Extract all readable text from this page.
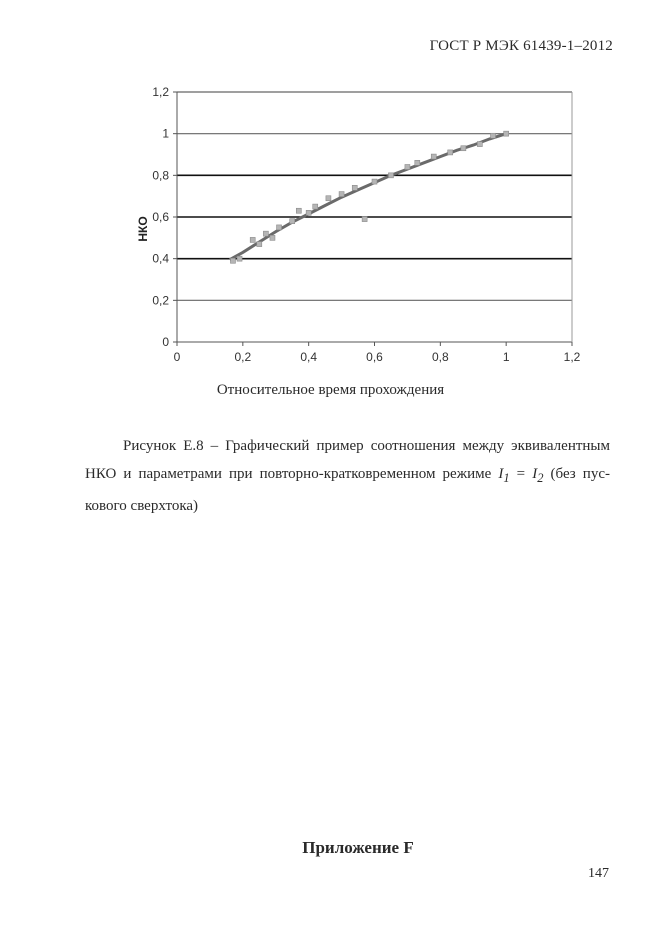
ГОСТ Р МЭК 61439-1–2012
0
0,2
0,4
0,6
0,8
1
1,2
0	0,2	0,4	0,6	0,8	1	1,2
НКО
Относительное время прохождения
Рисунок Е.8 – Графический пример соотношения между эквивалентным
НКО и параметрами при повторно-кратковременном режиме $I_1 = I_2$ (без пус-
кового сверхтока)
Приложение F
147
